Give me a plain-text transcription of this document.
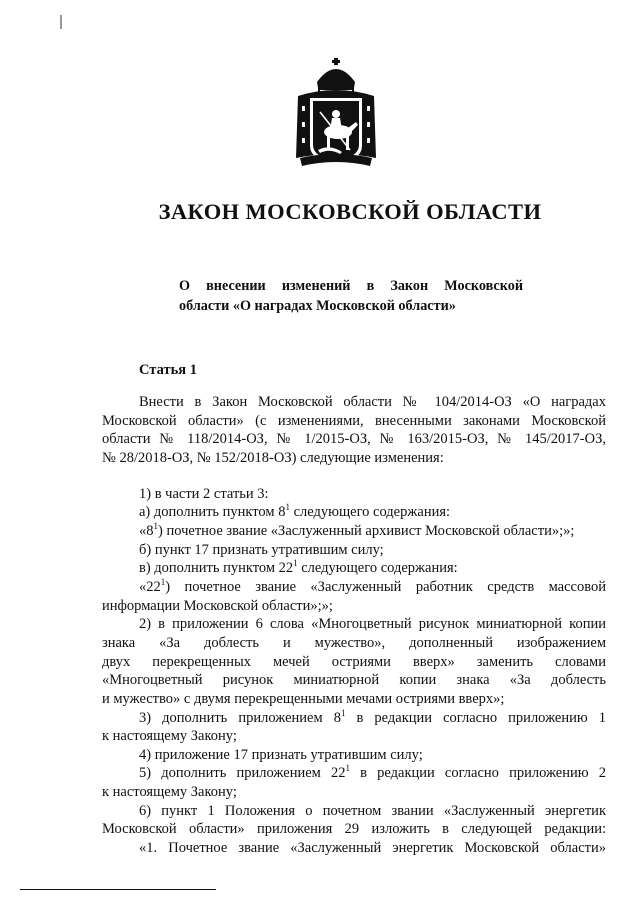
ЗАКОН МОСКОВСКОЙ ОБЛАСТИ
О внесении изменений в Закон Московской
области «О наградах Московской области»
Статья 1

Внести в Закон Московской области № 104/2014-ОЗ «О наградах

Московской области» (с изменениями, внесенными законами Московской

области № 118/2014-ОЗ, № 1/2015-ОЗ, № 163/2015-ОЗ, № 145/2017-ОЗ,

№ 28/2018-ОЗ, № 152/2018-ОЗ) следующие изменения:

1) в части 2 статьи 3:

а) дополнить пунктом $8^1$ следующего содержания:

«$8^1$) почетное звание «Заслуженный архивист Московской области»;»;

б) пункт 17 признать утратившим силу;

в) дополнить пунктом $22^1$ следующего содержания:

«$22^1$) почетное звание «Заслуженный работник средств массовой

информации Московской области»;»;

2) в приложении 6 слова «Многоцветный рисунок миниатюрной копии

знака «За доблесть и мужество», дополненный изображением

двух перекрещенных мечей остриями вверх» заменить словами

«Многоцветный рисунок миниатюрной копии знака «За доблесть

и мужество» с двумя перекрещенными мечами остриями вверх»;

3) дополнить приложением $8^1$ в редакции согласно приложению 1

к настоящему Закону;

4) приложение 17 признать утратившим силу;

5) дополнить приложением $22^1$ в редакции согласно приложению 2

к настоящему Закону;

6) пункт 1 Положения о почетном звании «Заслуженный энергетик

Московской области» приложения 29 изложить в следующей редакции:

«1. Почетное звание «Заслуженный энергетик Московской области»
